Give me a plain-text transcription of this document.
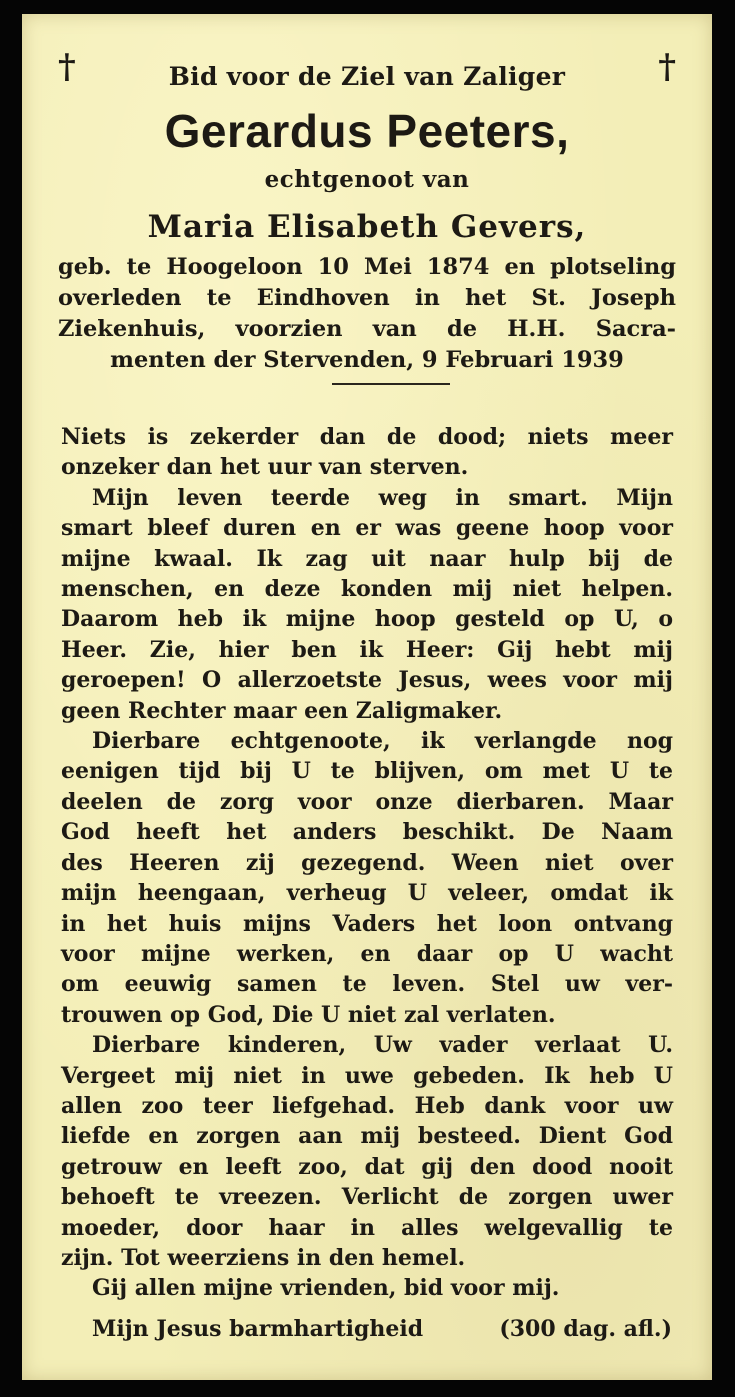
†	†
Bid voor de Ziel van Zaliger
Gerardus Peeters,
echtgenoot van
Maria Elisabeth Gevers,
geb. te Hoogeloon 10 Mei 1874 en plotseling
overleden te Eindhoven in het St. Joseph
Ziekenhuis, voorzien van de H.H. Sacra-
menten der Stervenden, 9 Februari 1939
Niets is zekerder dan de dood; niets meer
onzeker dan het uur van sterven.
Mijn leven teerde weg in smart. Mijn
smart bleef duren en er was geene hoop voor
mijne kwaal. Ik zag uit naar hulp bij de
menschen, en deze konden mij niet helpen.
Daarom heb ik mijne hoop gesteld op U, o
Heer. Zie, hier ben ik Heer: Gij hebt mij
geroepen! O allerzoetste Jesus, wees voor mij
geen Rechter maar een Zaligmaker.
Dierbare echtgenoote, ik verlangde nog
eenigen tijd bij U te blijven, om met U te
deelen de zorg voor onze dierbaren. Maar
God heeft het anders beschikt. De Naam
des Heeren zij gezegend. Ween niet over
mijn heengaan, verheug U veleer, omdat ik
in het huis mijns Vaders het loon ontvang
voor mijne werken, en daar op U wacht
om eeuwig samen te leven. Stel uw ver-
trouwen op God, Die U niet zal verlaten.
Dierbare kinderen, Uw vader verlaat U.
Vergeet mij niet in uwe gebeden. Ik heb U
allen zoo teer liefgehad. Heb dank voor uw
liefde en zorgen aan mij besteed. Dient God
getrouw en leeft zoo, dat gij den dood nooit
behoeft te vreezen. Verlicht de zorgen uwer
moeder, door haar in alles welgevallig te
zijn. Tot weerziens in den hemel.
Gij allen mijne vrienden, bid voor mij.
Mijn Jesus barmhartigheid	(300 dag. afl.)
